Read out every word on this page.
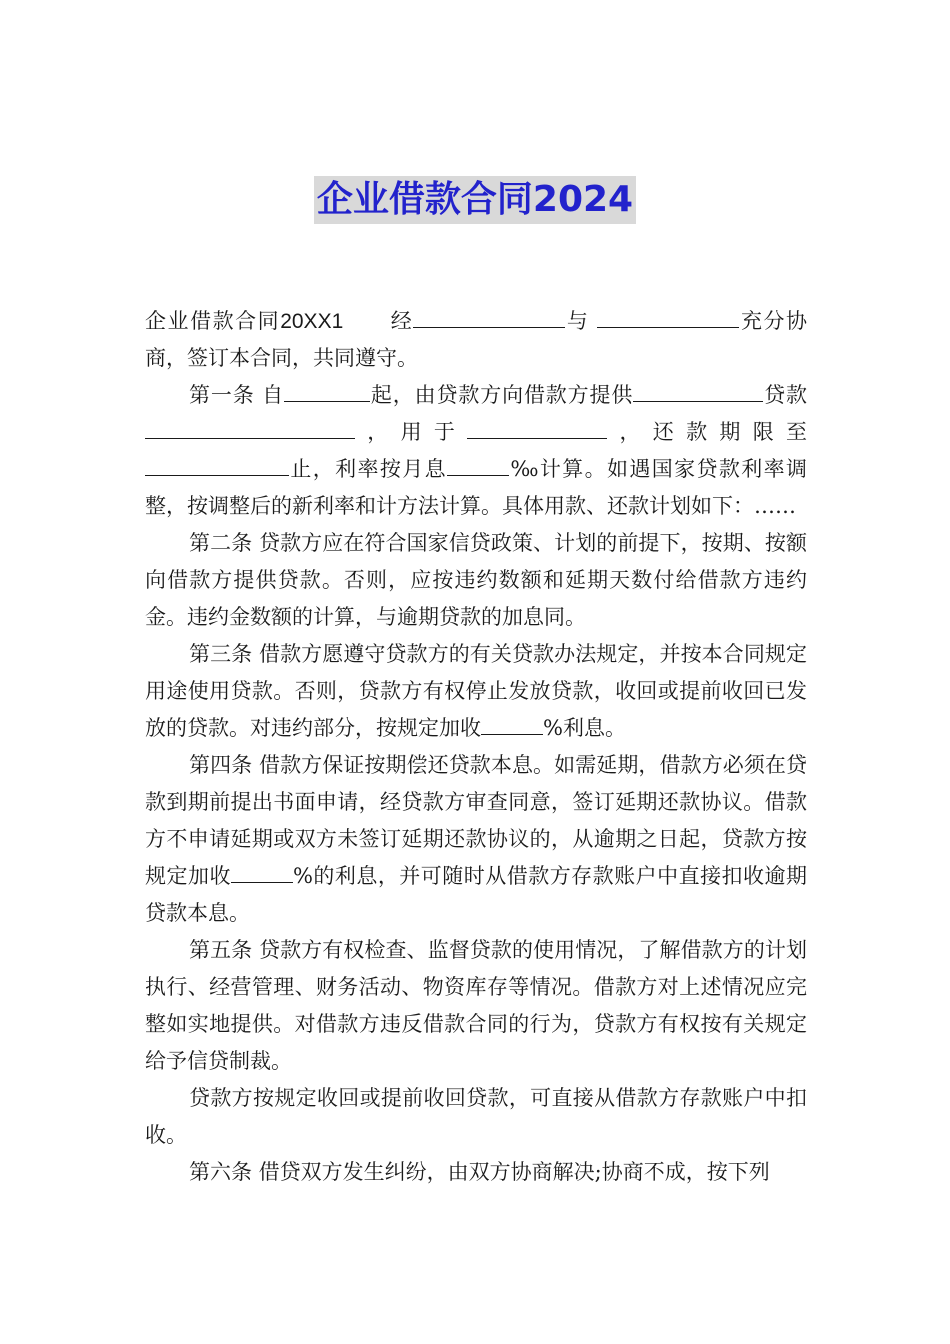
企业借款合同2024

企业借款合同20XX1 经	与	充分协商，签订本合同，共同遵守。

第一条 自	起，由贷款方向借款方提供	贷款，用于	，还款期限至止，利率按月息	‰计算。如遇国家贷款利率调整，按调整后的新利率和计方法计算。具体用款、还款计划如下：……

第二条 贷款方应在符合国家信贷政策、计划的前提下，按期、按额向借款方提供贷款。否则，应按违约数额和延期天数付给借款方违约金。违约金数额的计算，与逾期贷款的加息同。

第三条 借款方愿遵守贷款方的有关贷款办法规定，并按本合同规定用途使用贷款。否则，贷款方有权停止发放贷款，收回或提前收回已发放的贷款。对违约部分，按规定加收	%利息。

第四条 借款方保证按期偿还贷款本息。如需延期，借款方必须在贷款到期前提出书面申请，经贷款方审查同意，签订延期还款协议。借款方不申请延期或双方未签订延期还款协议的，从逾期之日起，贷款方按规定加收	%的利息，并可随时从借款方存款账户中直接扣收逾期贷款本息。

第五条 贷款方有权检查、监督贷款的使用情况，了解借款方的计划执行、经营管理、财务活动、物资库存等情况。借款方对上述情况应完整如实地提供。对借款方违反借款合同的行为，贷款方有权按有关规定给予信贷制裁。

贷款方按规定收回或提前收回贷款，可直接从借款方存款账户中扣收。

第六条 借贷双方发生纠纷，由双方协商解决;协商不成，按下列
